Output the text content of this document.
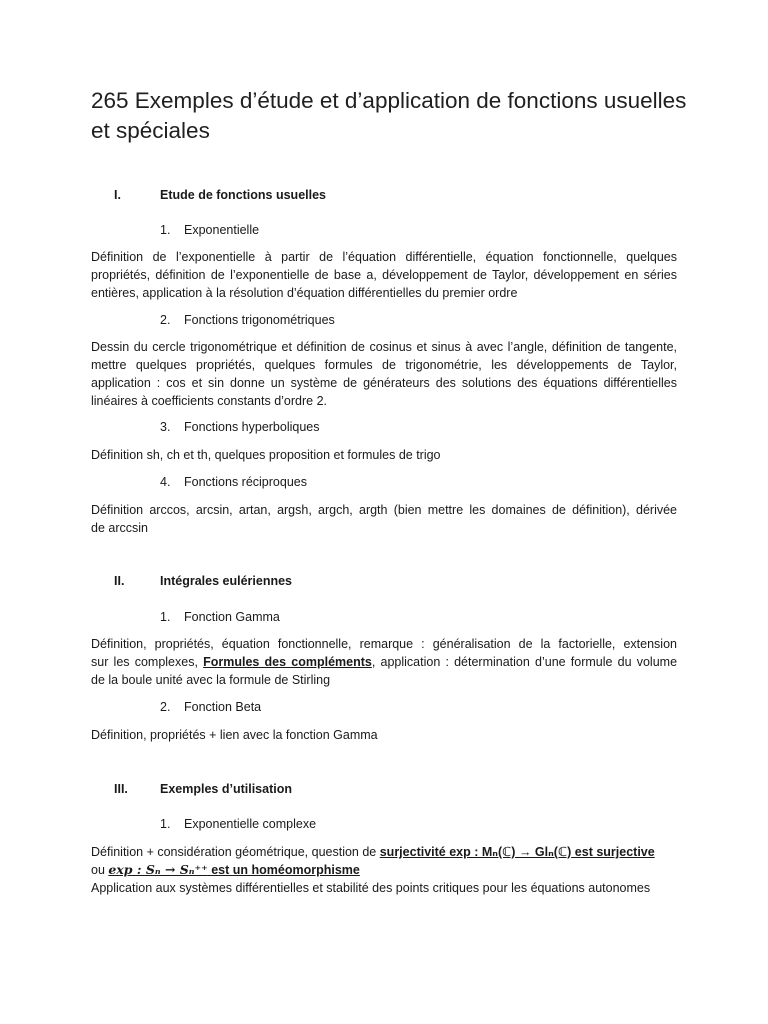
265 Exemples d’étude et d’application de fonctions usuelles et spéciales
I.	Etude de fonctions usuelles
1. Exponentielle
Définition de l’exponentielle à partir de l’équation différentielle, équation fonctionnelle, quelques
propriétés, définition de l’exponentielle de base a, développement de Taylor, développement en séries
entières, application à la résolution d’équation différentielles du premier ordre
2. Fonctions trigonométriques
Dessin du cercle trigonométrique et définition de cosinus et sinus à avec l’angle, définition de tangente,
mettre quelques propriétés, quelques formules de trigonométrie, les développements de Taylor,
application : cos et sin donne un système de générateurs des solutions des équations différentielles
linéaires à coefficients constants d’ordre 2.
3. Fonctions hyperboliques
Définition sh, ch et th, quelques proposition et formules de trigo
4. Fonctions réciproques
Définition arccos, arcsin, artan, argsh, argch, argth (bien mettre les domaines de définition), dérivée
de arccsin
II.	Intégrales eulériennes
1. Fonction Gamma
Définition, propriétés, équation fonctionnelle, remarque : généralisation de la factorielle, extension
sur les complexes, Formules des compléments, application : détermination d’une formule du volume
de la boule unité avec la formule de Stirling
2. Fonction Beta
Définition, propriétés + lien avec la fonction Gamma
III.	Exemples d’utilisation
1. Exponentielle complexe
Définition + considération géométrique, question de surjectivité exp : Mₙ(ℂ) → Glₙ(ℂ) est surjective
ou exp : Sₙ → Sₙ⁺⁺ est un homéomorphisme
Application aux systèmes différentielles et stabilité des points critiques pour les équations autonomes
